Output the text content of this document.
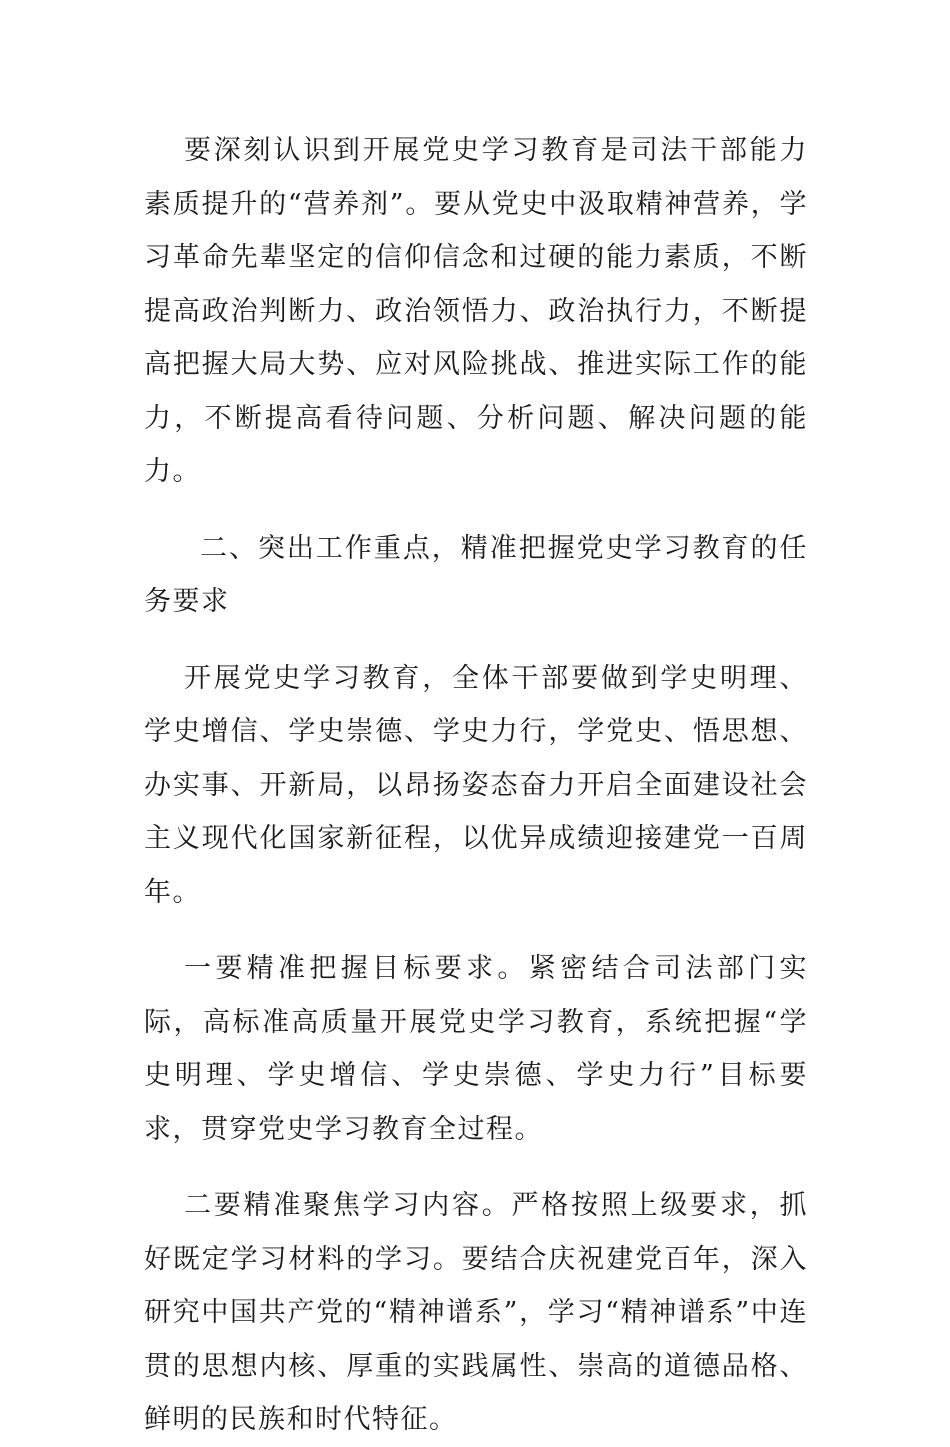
要深刻认识到开展党史学习教育是司法干部能力素质提升的“营养剂”。要从党史中汲取精神营养，学习革命先辈坚定的信仰信念和过硬的能力素质，不断提高政治判断力、政治领悟力、政治执行力，不断提高把握大局大势、应对风险挑战、推进实际工作的能力，不断提高看待问题、分析问题、解决问题的能力。

二、突出工作重点，精准把握党史学习教育的任务要求

开展党史学习教育，全体干部要做到学史明理、学史增信、学史崇德、学史力行，学党史、悟思想、办实事、开新局，以昂扬姿态奋力开启全面建设社会主义现代化国家新征程，以优异成绩迎接建党一百周年。

一要精准把握目标要求。紧密结合司法部门实际，高标准高质量开展党史学习教育，系统把握“学史明理、学史增信、学史崇德、学史力行”目标要求，贯穿党史学习教育全过程。

二要精准聚焦学习内容。严格按照上级要求，抓好既定学习材料的学习。要结合庆祝建党百年，深入研究中国共产党的“精神谱系”，学习“精神谱系”中连贯的思想内核、厚重的实践属性、崇高的道德品格、鲜明的民族和时代特征。
